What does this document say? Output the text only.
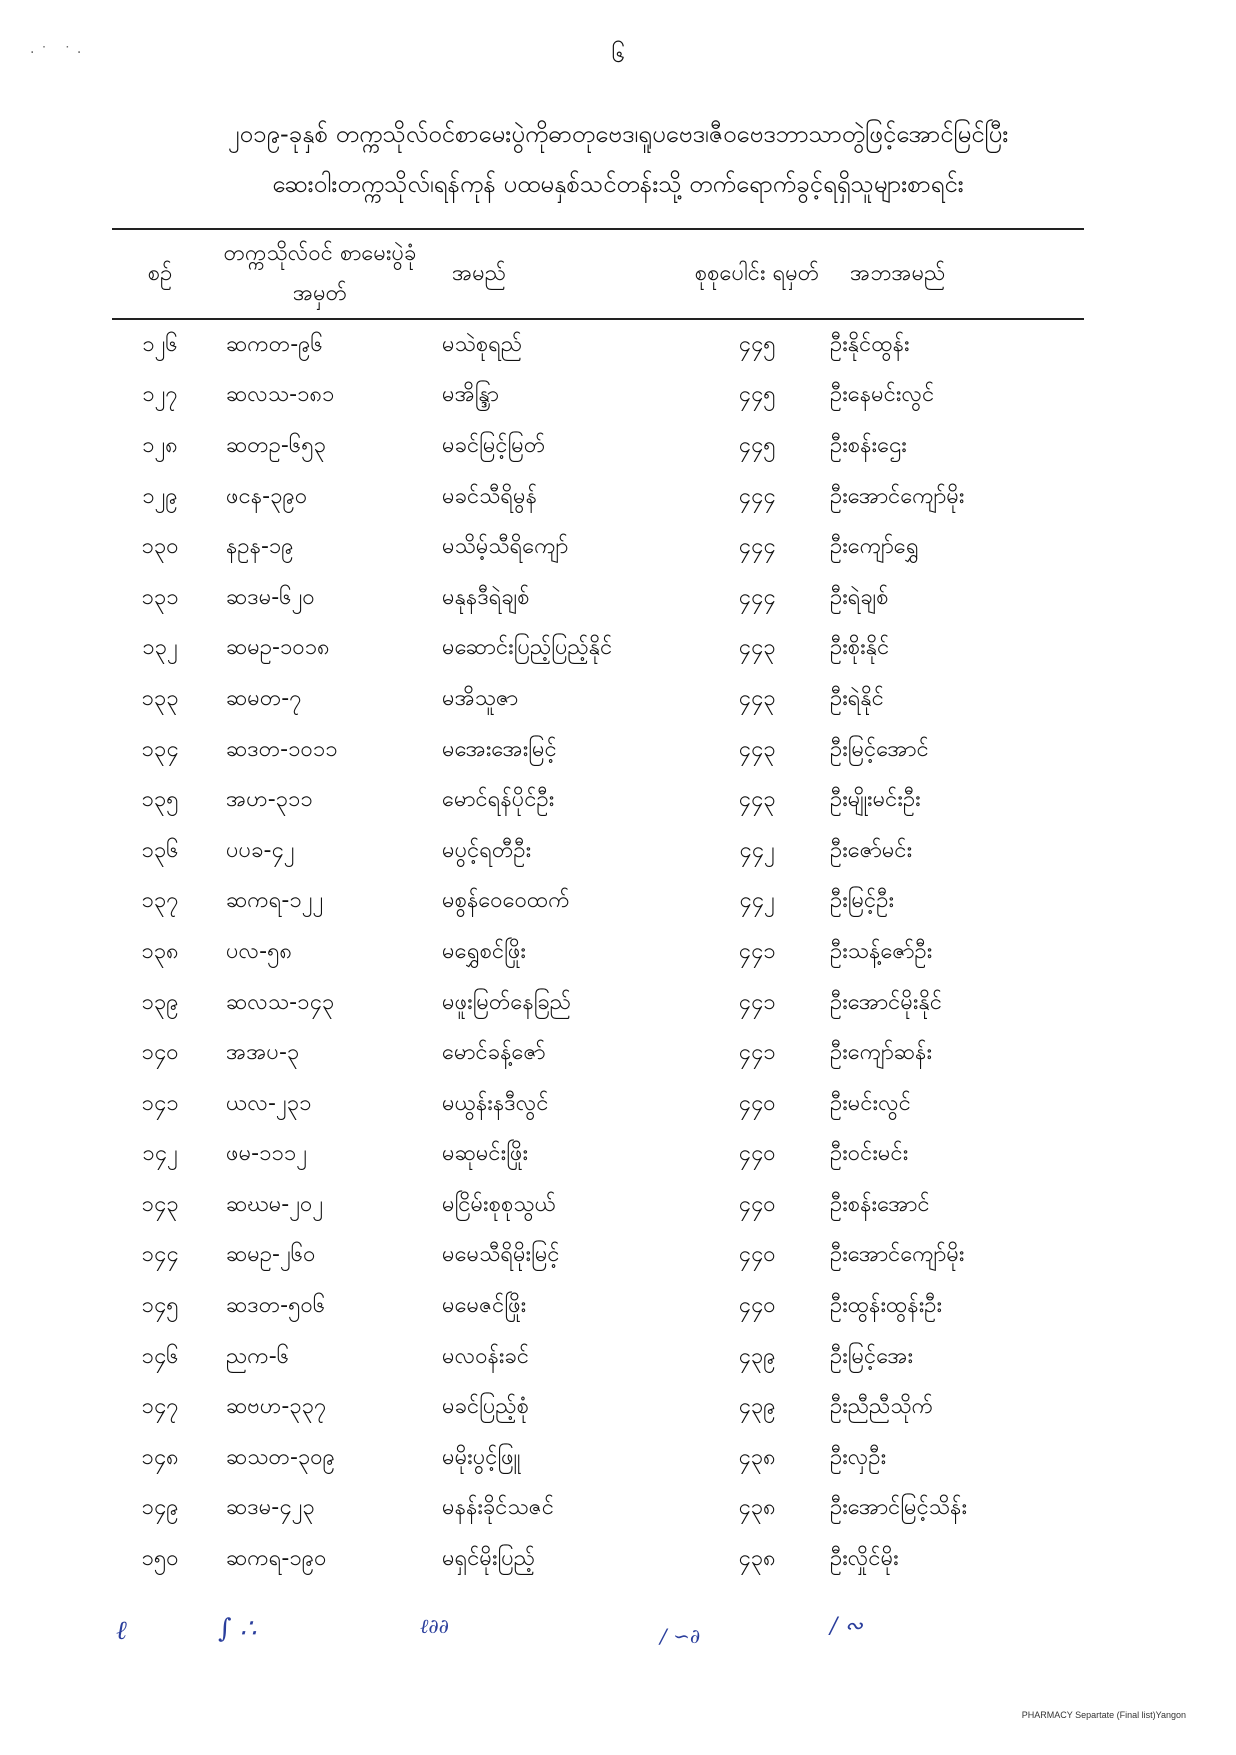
·˙ ˙·	၆
၂၀၁၉-ခုနှစ် တက္ကသိုလ်ဝင်စာမေးပွဲကိုဓာတုဗေဒ၊ရူပဗေဒ၊ဇီဝဗေဒဘာသာတွဲဖြင့်အောင်မြင်ပြီး
ဆေးဝါးတက္ကသိုလ်၊ရန်ကုန် ပထမနှစ်သင်တန်းသို့ တက်ရောက်ခွင့်ရရှိသူများစာရင်း
စဉ်	တက္ကသိုလ်ဝင် စာမေးပွဲခုံအမှတ်	အမည်	စုစုပေါင်း ရမှတ်	အဘအမည်
၁၂၆	ဆကတ-၉၆	မသဲစုရည်	၄၄၅	ဦးနိုင်ထွန်း
၁၂၇	ဆလသ-၁၈၁	မအိန္ဒြာ	၄၄၅	ဦးနေမင်းလွင်
၁၂၈	ဆတဥ-၆၅၃	မခင်မြင့်မြတ်	၄၄၅	ဦးစန်းဌေး
၁၂၉	ဖငန-၃၉၀	မခင်သီရိမွန်	၄၄၄	ဦးအောင်ကျော်မိုး
၁၃၀	နဥန-၁၉	မသိမ့်သီရိကျော်	၄၄၄	ဦးကျော်ရွှေ
၁၃၁	ဆဒမ-၆၂၀	မနုနဒီရဲချစ်	၄၄၄	ဦးရဲချစ်
၁၃၂	ဆမဥ-၁၀၁၈	မဆောင်းပြည့်ပြည့်နိုင်	၄၄၃	ဦးစိုးနိုင်
၁၃၃	ဆမတ-၇	မအိသူဇာ	၄၄၃	ဦးရဲနိုင်
၁၃၄	ဆဒတ-၁၀၁၁	မအေးအေးမြင့်	၄၄၃	ဦးမြင့်အောင်
၁၃၅	အဟ-၃၁၁	မောင်ရန်ပိုင်ဦး	၄၄၃	ဦးမျိုးမင်းဦး
၁၃၆	ပပခ-၄၂	မပွင့်ရတီဦး	၄၄၂	ဦးဇော်မင်း
၁၃၇	ဆကရ-၁၂၂	မစွန်ဝေဝေထက်	၄၄၂	ဦးမြင့်ဦး
၁၃၈	ပလ-၅၈	မရွှေစင်ဖြိုး	၄၄၁	ဦးသန့်ဇော်ဦး
၁၃၉	ဆလသ-၁၄၃	မဖူးမြတ်နေခြည်	၄၄၁	ဦးအောင်မိုးနိုင်
၁၄၀	အအပ-၃	မောင်ခန့်ဇော်	၄၄၁	ဦးကျော်ဆန်း
၁၄၁	ယလ-၂၃၁	မယွန်းနဒီလွင်	၄၄၀	ဦးမင်းလွင်
၁၄၂	ဖမ-၁၁၁၂	မဆုမင်းဖြိုး	၄၄၀	ဦးဝင်းမင်း
၁၄၃	ဆဃမ-၂၀၂	မငြိမ်းစုစုသွယ်	၄၄၀	ဦးစန်းအောင်
၁၄၄	ဆမဥ-၂၆၀	မမေသီရိမိုးမြင့်	၄၄၀	ဦးအောင်ကျော်မိုး
၁၄၅	ဆဒတ-၅၀၆	မမေဇင်ဖြိုး	၄၄၀	ဦးထွန်းထွန်းဦး
၁၄၆	ညက-၆	မလဝန်းခင်	၄၃၉	ဦးမြင့်အေး
၁၄၇	ဆဗဟ-၃၃၇	မခင်ပြည့်စုံ	၄၃၉	ဦးညီညီသိုက်
၁၄၈	ဆသတ-၃၀၉	မမိုးပွင့်ဖြူ	၄၃၈	ဦးလှဦး
၁၄၉	ဆဒမ-၄၂၃	မနန်းခိုင်သဇင်	၄၃၈	ဦးအောင်မြင့်သိန်း
၁၅၀	ဆကရ-၁၉၀	မရှင်မိုးပြည့်	၄၃၈	ဦးလှိုင်မိုး
ℓ	∫ ∴	ℓ∂∂	/ ∽∂	/ ∾
PHARMACY Separtate (Final list)Yangon
